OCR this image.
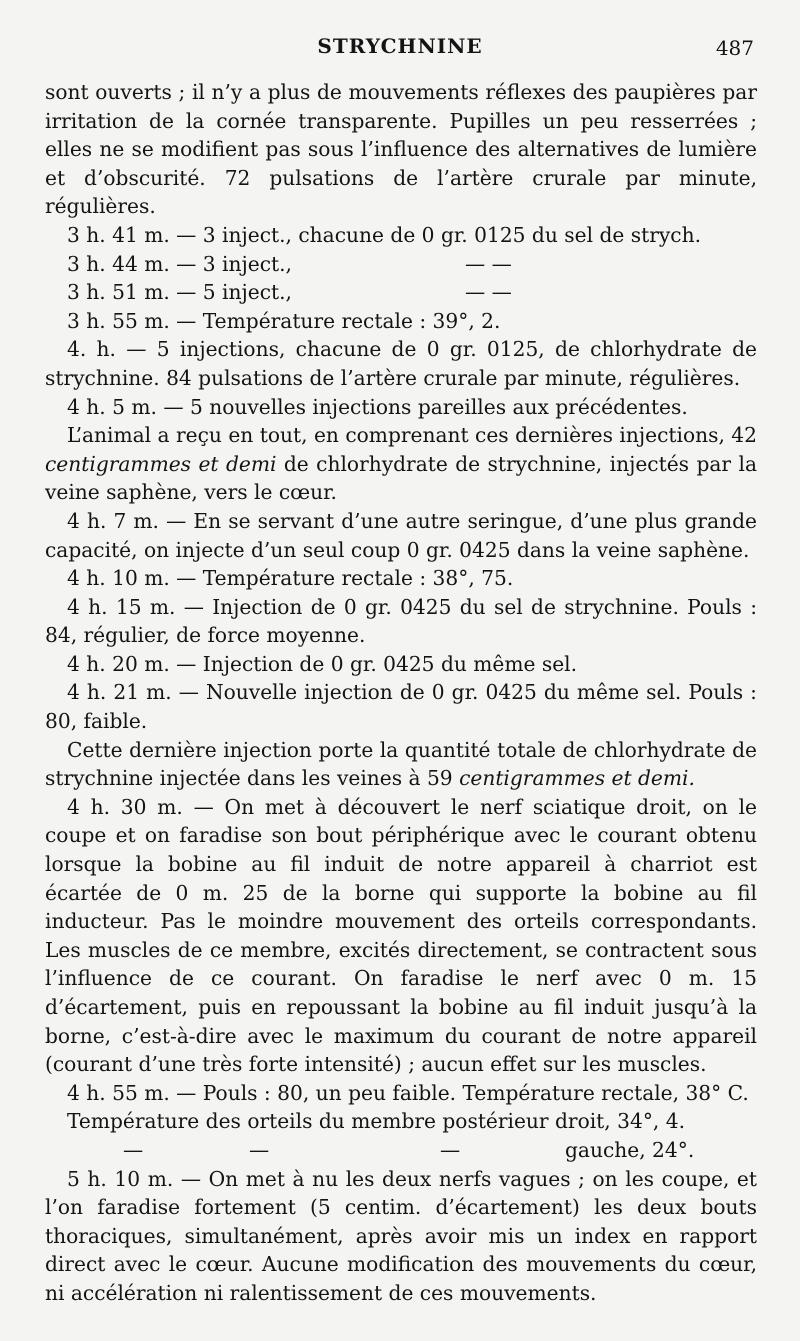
STRYCHNINE	487

sont ouverts ; il n’y a plus de mouvements réflexes des paupières par irritation de la cornée transparente. Pupilles un peu resserrées ; elles ne se modifient pas sous l’influence des alternatives de lumière et d’obscurité. 72 pulsations de l’artère crurale par minute, régulières.

3 h. 41 m. — 3 inject., chacune de 0 gr. 0125 du sel de strych.

3 h. 44 m. — 3 inject.,	— —
3 h. 51 m. — 5 inject.,	— —

3 h. 55 m. — Température rectale : 39°, 2.

4. h. — 5 injections, chacune de 0 gr. 0125, de chlorhydrate de strychnine. 84 pulsations de l’artère crurale par minute, régulières.

4 h. 5 m. — 5 nouvelles injections pareilles aux précédentes.

L’animal a reçu en tout, en comprenant ces dernières injections, 42 centigrammes et demi de chlorhydrate de strychnine, injectés par la veine saphène, vers le cœur.

4 h. 7 m. — En se servant d’une autre seringue, d’une plus grande capacité, on injecte d’un seul coup 0 gr. 0425 dans la veine saphène.

4 h. 10 m. — Température rectale : 38°, 75.

4 h. 15 m. — Injection de 0 gr. 0425 du sel de strychnine. Pouls : 84, régulier, de force moyenne.

4 h. 20 m. — Injection de 0 gr. 0425 du même sel.

4 h. 21 m. — Nouvelle injection de 0 gr. 0425 du même sel. Pouls : 80, faible.

Cette dernière injection porte la quantité totale de chlorhydrate de strychnine injectée dans les veines à 59 centigrammes et demi.

4 h. 30 m. — On met à découvert le nerf sciatique droit, on le coupe et on faradise son bout périphérique avec le courant obtenu lorsque la bobine au fil induit de notre appareil à charriot est écartée de 0 m. 25 de la borne qui supporte la bobine au fil inducteur. Pas le moindre mouvement des orteils correspondants. Les muscles de ce membre, excités directement, se contractent sous l’influence de ce courant. On faradise le nerf avec 0 m. 15 d’écartement, puis en repoussant la bobine au fil induit jusqu’à la borne, c’est-à-dire avec le maximum du courant de notre appareil (courant d’une très forte intensité) ; aucun effet sur les muscles.

4 h. 55 m. — Pouls : 80, un peu faible. Température rectale, 38° C.

Température des orteils du membre postérieur droit, 34°, 4.

—	—	—	gauche, 24°.

5 h. 10 m. — On met à nu les deux nerfs vagues ; on les coupe, et l’on faradise fortement (5 centim. d’écartement) les deux bouts thoraciques, simultanément, après avoir mis un index en rapport direct avec le cœur. Aucune modification des mouvements du cœur, ni accélération ni ralentissement de ces mouvements.
